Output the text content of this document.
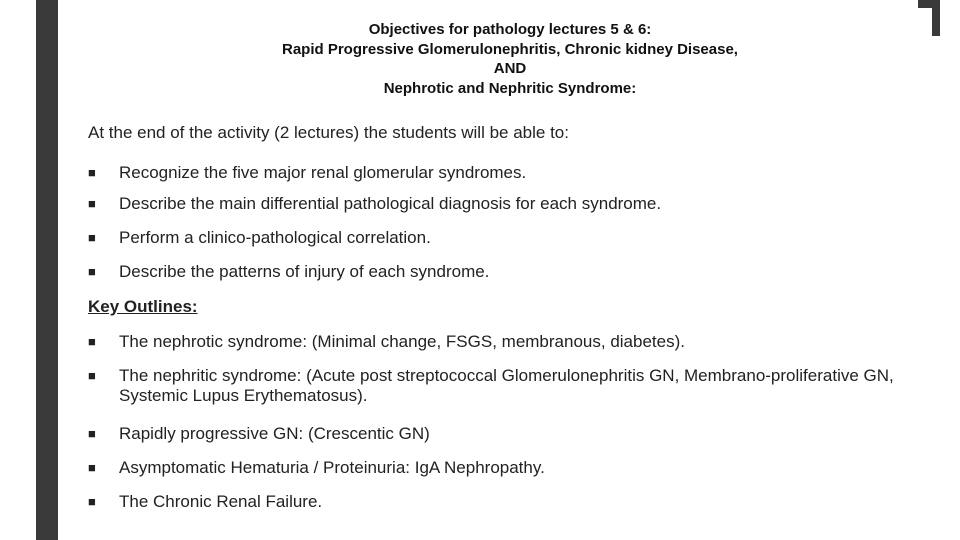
Objectives for pathology lectures 5 & 6:
Rapid Progressive Glomerulonephritis, Chronic kidney Disease,
AND
Nephrotic and Nephritic Syndrome:
At the end of the activity (2 lectures) the students will be able to:
■ Recognize the five major renal glomerular syndromes.
■ Describe the main differential pathological diagnosis for each syndrome.
■ Perform a clinico-pathological correlation.
■ Describe the patterns of injury of each syndrome.
Key Outlines:
■ The nephrotic syndrome: (Minimal change, FSGS, membranous, diabetes).
■ The nephritic syndrome: (Acute post streptococcal Glomerulonephritis GN, Membrano-proliferative GN, Systemic Lupus Erythematosus).
■ Rapidly progressive GN: (Crescentic GN)
■ Asymptomatic Hematuria / Proteinuria: IgA Nephropathy.
■ The Chronic Renal Failure.
